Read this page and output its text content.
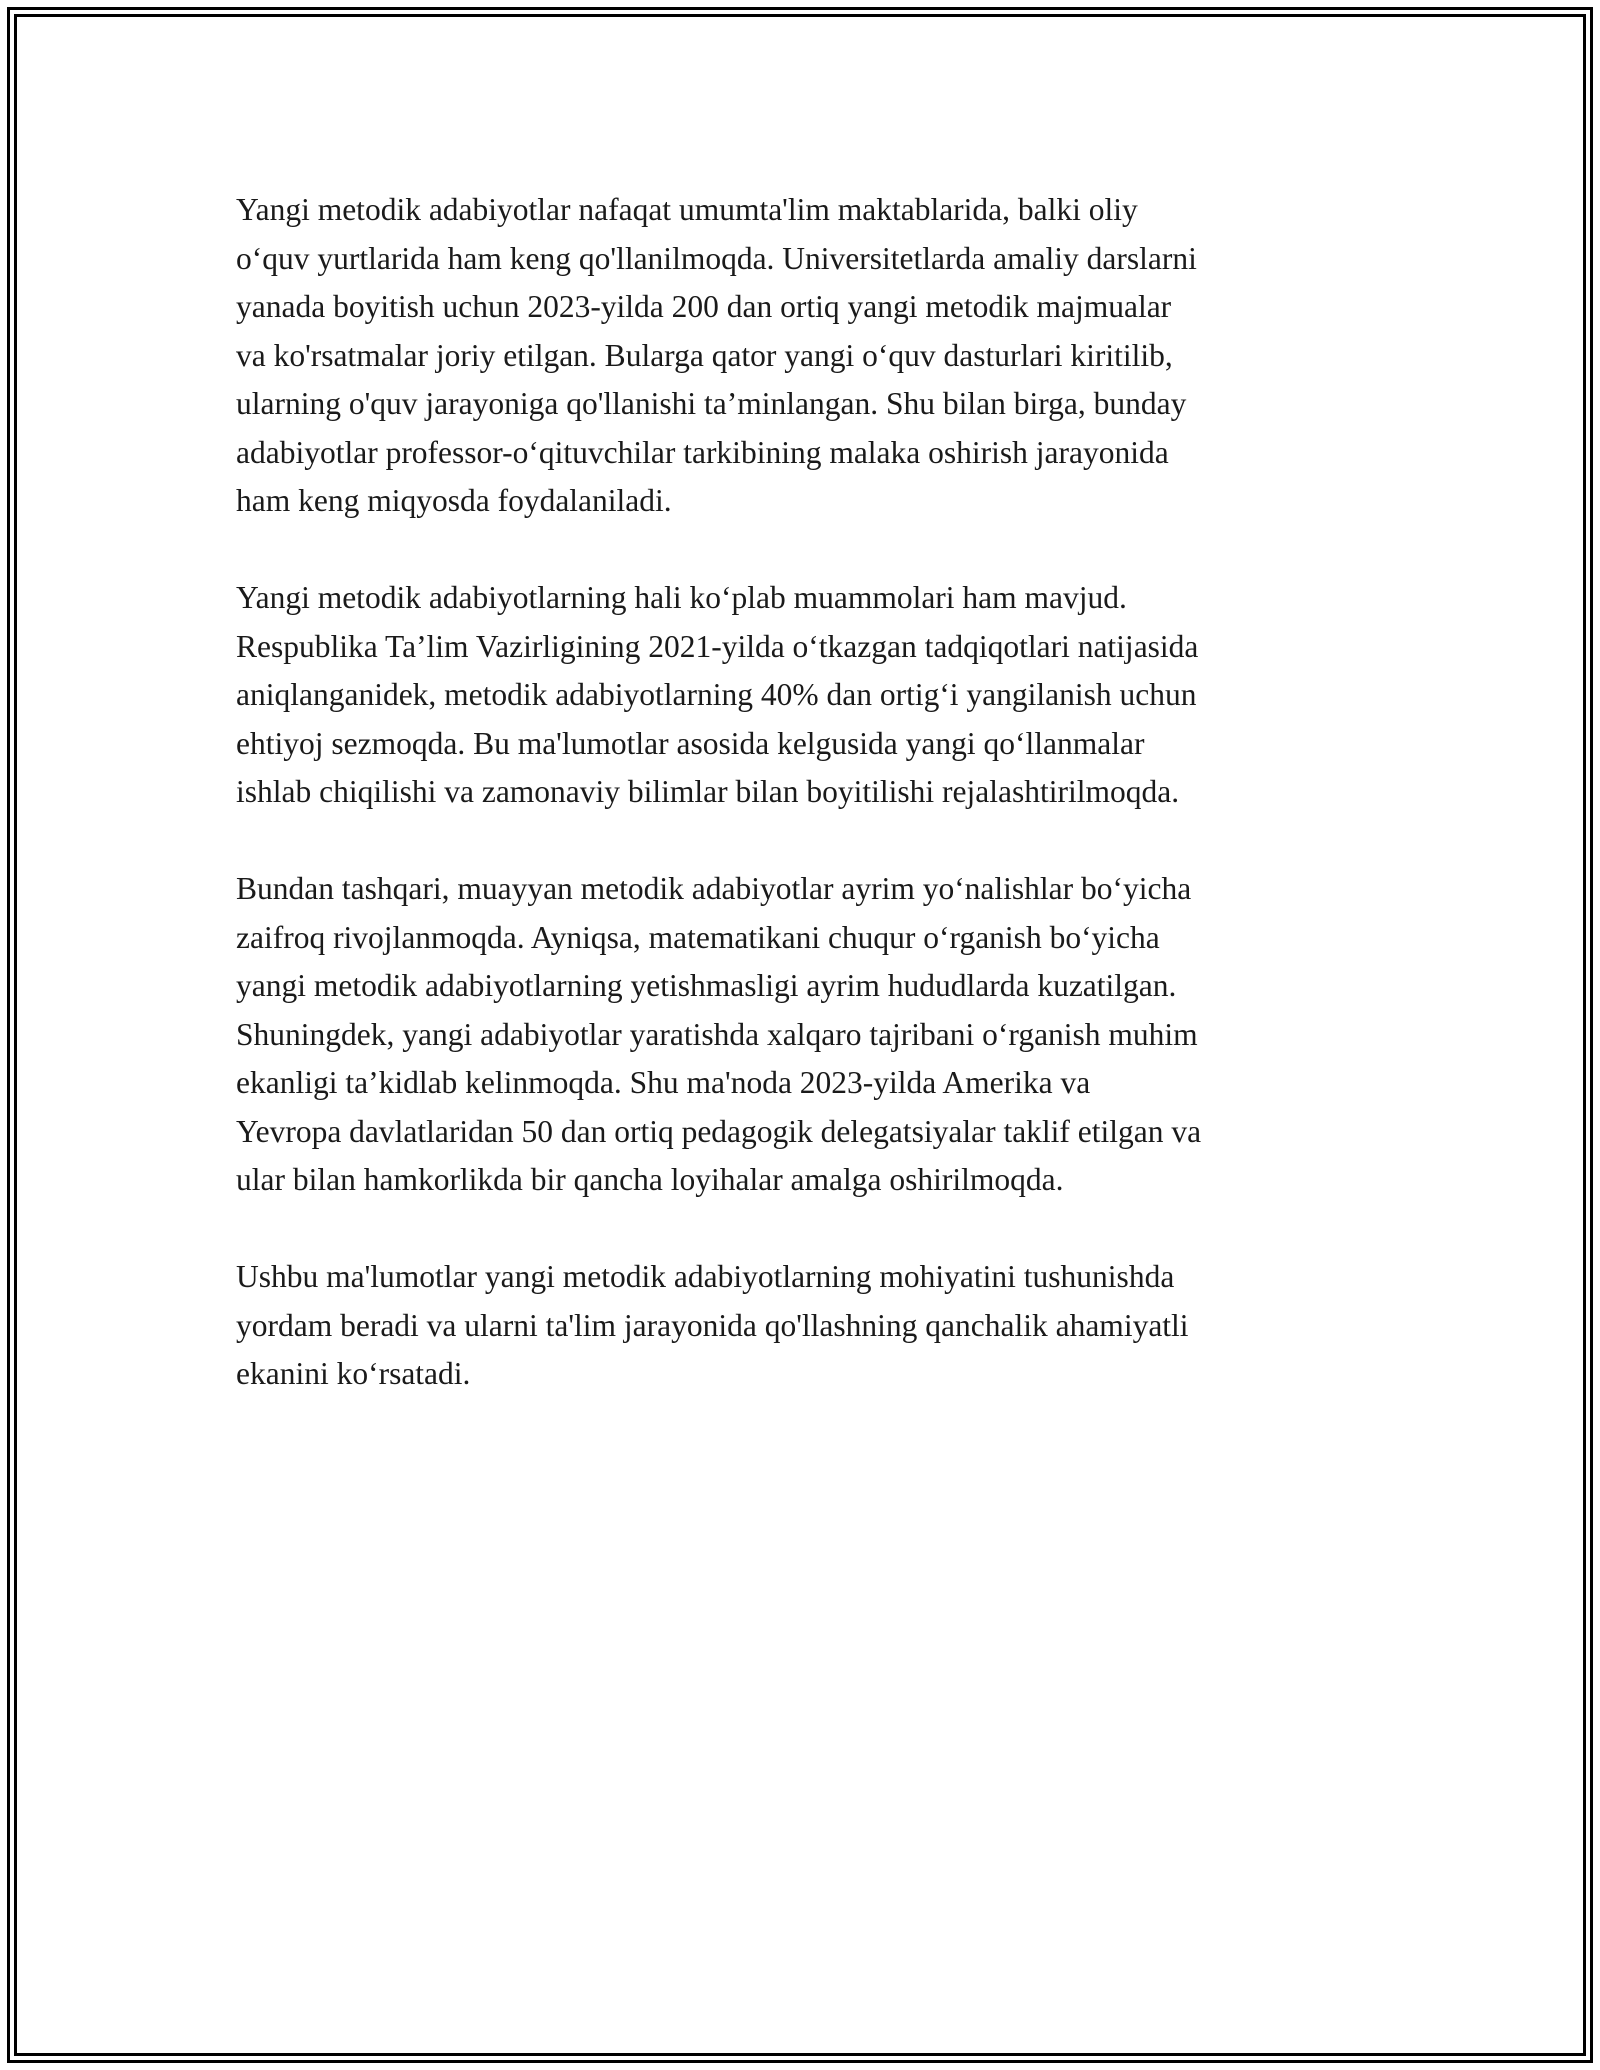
Yangi metodik adabiyotlar nafaqat umumta'lim maktablarida, balki oliy
o‘quv yurtlarida ham keng qo'llanilmoqda. Universitetlarda amaliy darslarni
yanada boyitish uchun 2023-yilda 200 dan ortiq yangi metodik majmualar
va ko'rsatmalar joriy etilgan. Bularga qator yangi o‘quv dasturlari kiritilib,
ularning o'quv jarayoniga qo'llanishi ta’minlangan. Shu bilan birga, bunday
adabiyotlar professor-o‘qituvchilar tarkibining malaka oshirish jarayonida
ham keng miqyosda foydalaniladi.

Yangi metodik adabiyotlarning hali ko‘plab muammolari ham mavjud.
Respublika Ta’lim Vazirligining 2021-yilda o‘tkazgan tadqiqotlari natijasida
aniqlanganidek, metodik adabiyotlarning 40% dan ortig‘i yangilanish uchun
ehtiyoj sezmoqda. Bu ma'lumotlar asosida kelgusida yangi qo‘llanmalar
ishlab chiqilishi va zamonaviy bilimlar bilan boyitilishi rejalashtirilmoqda.

Bundan tashqari, muayyan metodik adabiyotlar ayrim yo‘nalishlar bo‘yicha
zaifroq rivojlanmoqda. Ayniqsa, matematikani chuqur o‘rganish bo‘yicha
yangi metodik adabiyotlarning yetishmasligi ayrim hududlarda kuzatilgan.
Shuningdek, yangi adabiyotlar yaratishda xalqaro tajribani o‘rganish muhim
ekanligi ta’kidlab kelinmoqda. Shu ma'noda 2023-yilda Amerika va
Yevropa davlatlaridan 50 dan ortiq pedagogik delegatsiyalar taklif etilgan va
ular bilan hamkorlikda bir qancha loyihalar amalga oshirilmoqda.

Ushbu ma'lumotlar yangi metodik adabiyotlarning mohiyatini tushunishda
yordam beradi va ularni ta'lim jarayonida qo'llashning qanchalik ahamiyatli
ekanini ko‘rsatadi.
